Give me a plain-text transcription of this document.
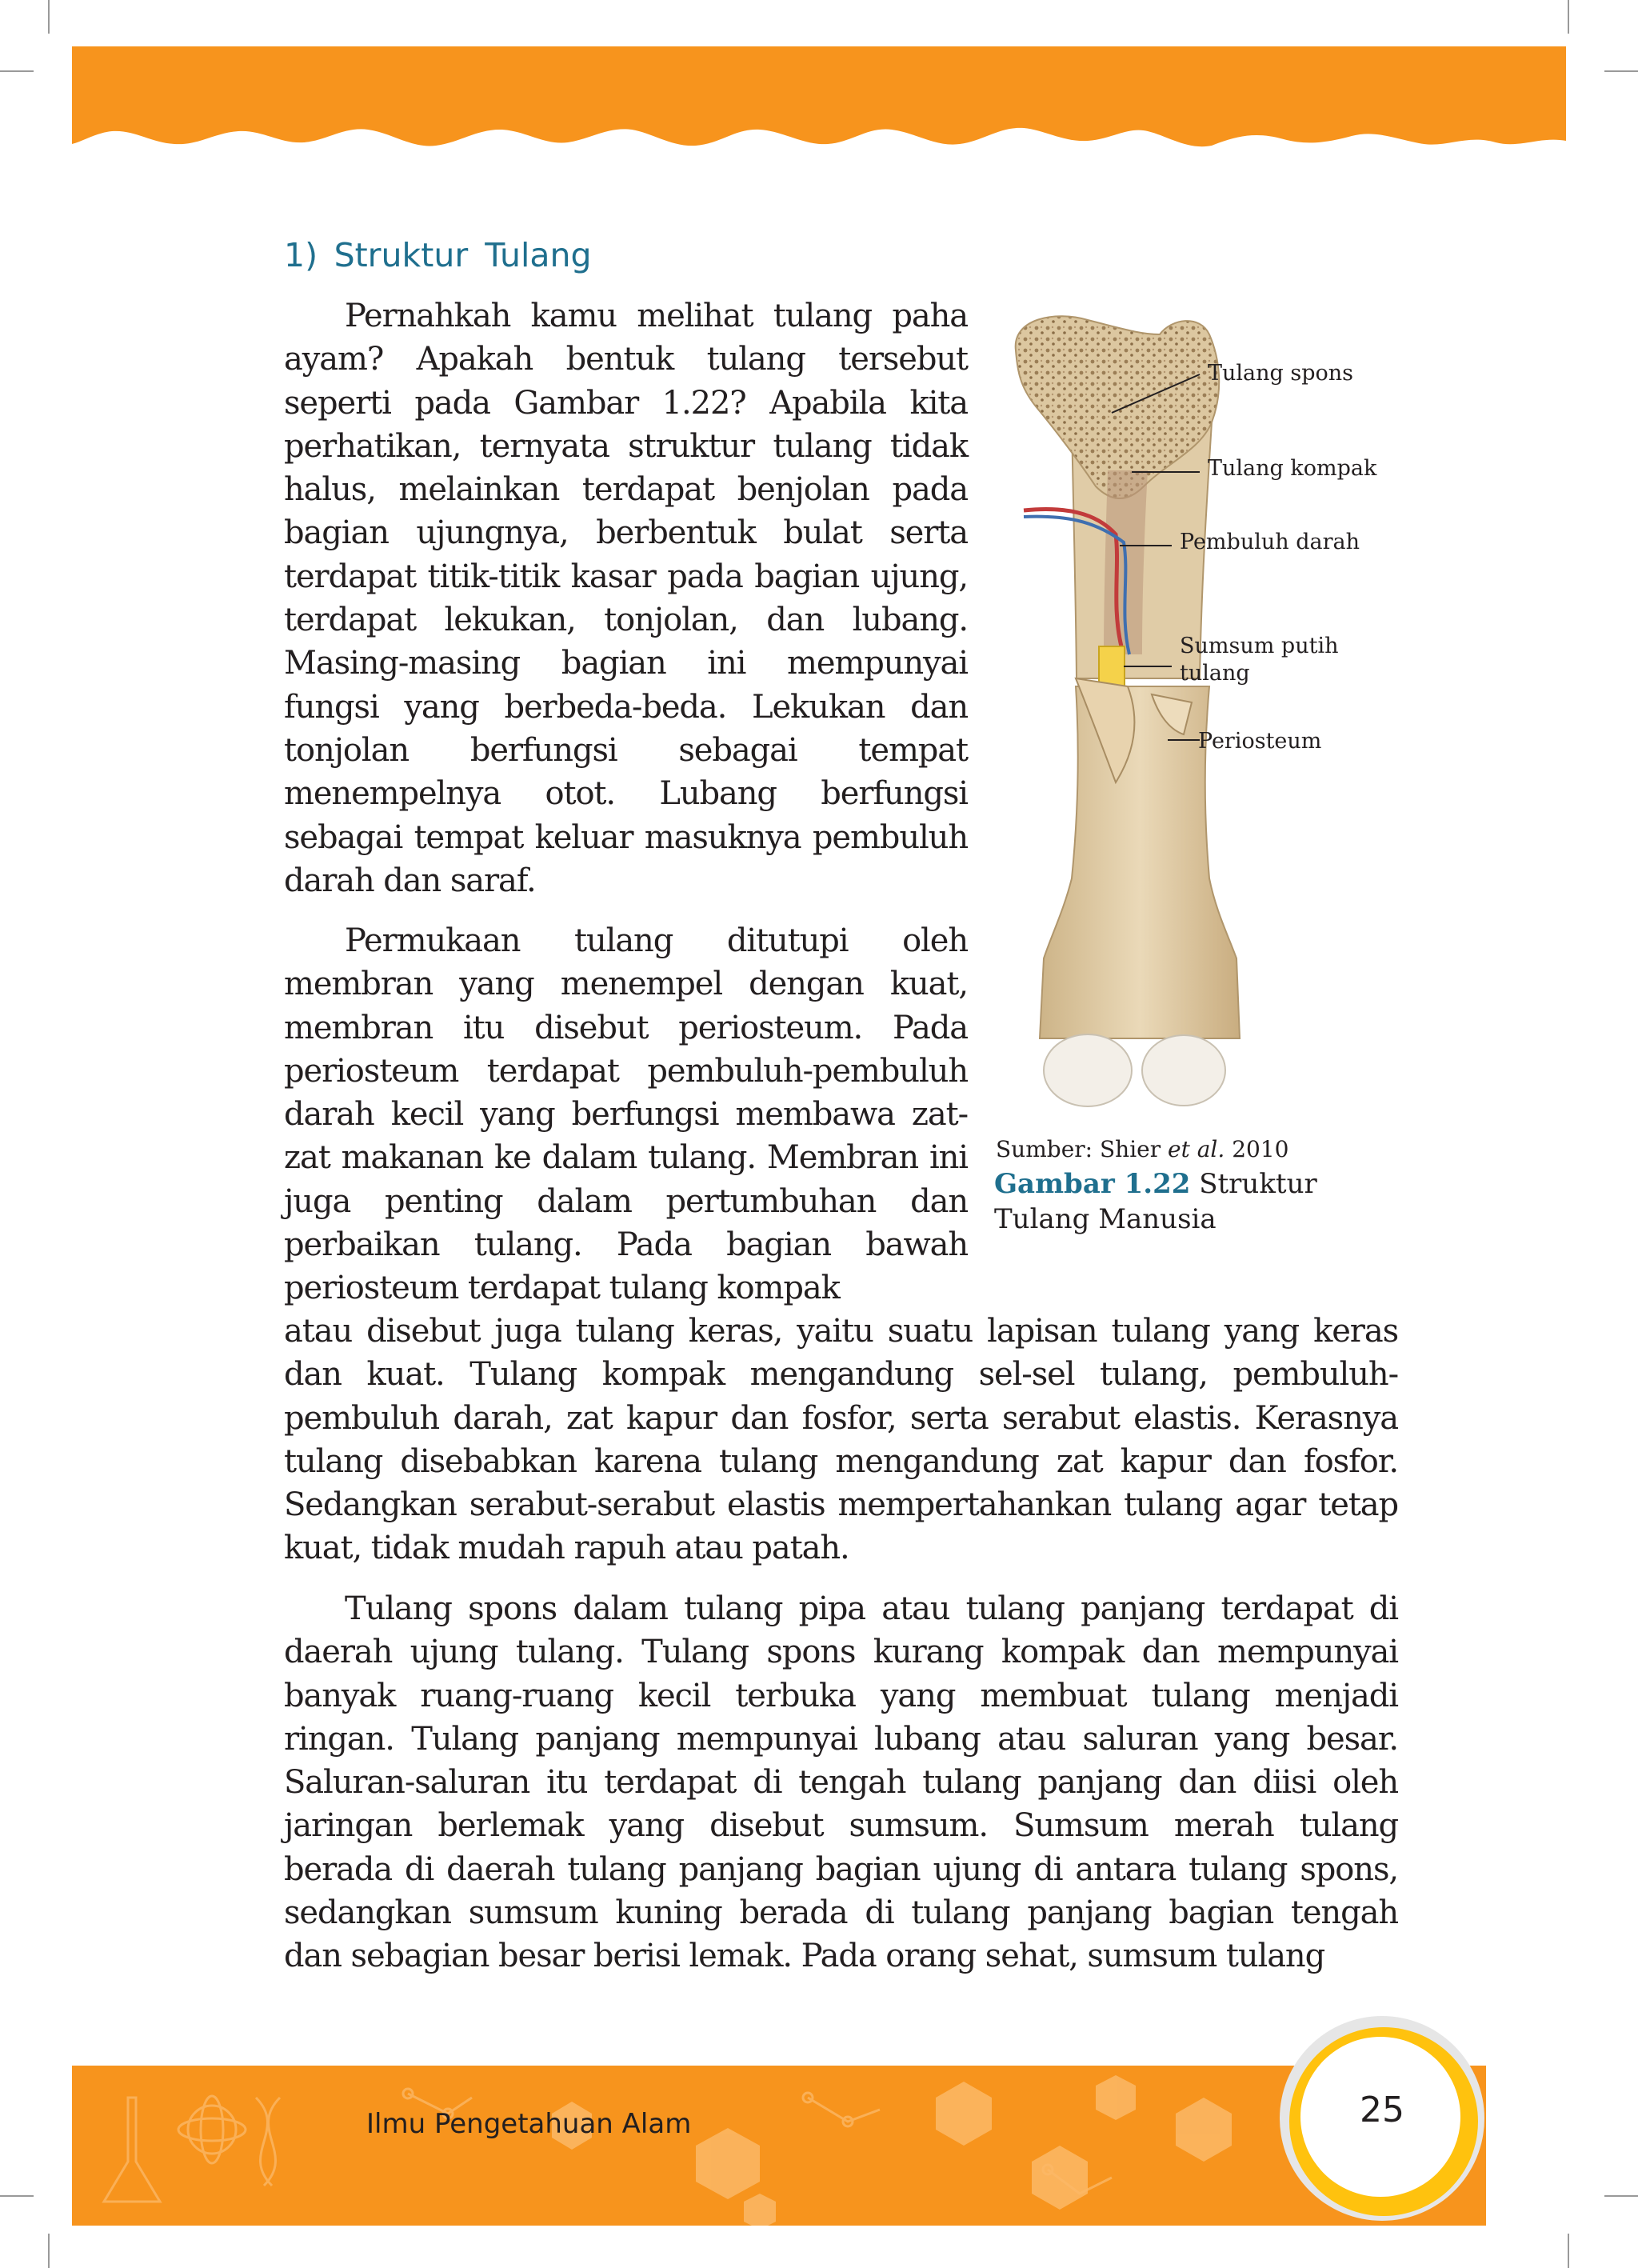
1) Struktur Tulang

Pernahkah kamu melihat tulang paha ayam? Apakah bentuk tulang tersebut seperti pada Gambar 1.22? Apabila kita perhatikan, ternyata struktur tulang tidak halus, melainkan terdapat benjolan pada bagian ujungnya, berbentuk bulat serta terdapat titik-titik kasar pada bagian ujung, terdapat lekukan, tonjolan, dan lubang. Masing-masing bagian ini mempunyai fungsi yang berbeda-beda. Lekukan dan tonjolan berfungsi sebagai tempat menempelnya otot. Lubang berfungsi sebagai tempat keluar masuknya pembuluh darah dan saraf.

Permukaan tulang ditutupi oleh membran yang menempel dengan kuat, membran itu disebut periosteum. Pada periosteum terdapat pembuluh-pembuluh darah kecil yang berfungsi membawa zat-zat makanan ke dalam tulang. Membran ini juga penting dalam pertumbuhan dan perbaikan tulang. Pada bagian bawah periosteum terdapat tulang kompak

atau disebut juga tulang keras, yaitu suatu lapisan tulang yang keras dan kuat. Tulang kompak mengandung sel-sel tulang, pembuluh-pembuluh darah, zat kapur dan fosfor, serta serabut elastis. Kerasnya tulang disebabkan karena tulang mengandung zat kapur dan fosfor. Sedangkan serabut-serabut elastis mempertahankan tulang agar tetap kuat, tidak mudah rapuh atau patah.

Tulang spons dalam tulang pipa atau tulang panjang terdapat di daerah ujung tulang. Tulang spons kurang kompak dan mempunyai banyak ruang-ruang kecil terbuka yang membuat tulang menjadi ringan. Tulang panjang mempunyai lubang atau saluran yang besar. Saluran-saluran itu terdapat di tengah tulang panjang dan diisi oleh jaringan berlemak yang disebut sumsum. Sumsum merah tulang berada di daerah tulang panjang bagian ujung di antara tulang spons, sedangkan sumsum kuning berada di tulang panjang bagian tengah dan sebagian besar berisi lemak. Pada orang sehat, sumsum tulang

Tulang spons
Tulang kompak
Pembuluh darah
Sumsum putih
tulang
Periosteum
Sumber: Shier et al. 2010
Gambar 1.22 Struktur Tulang Manusia
Ilmu Pengetahuan Alam	25
